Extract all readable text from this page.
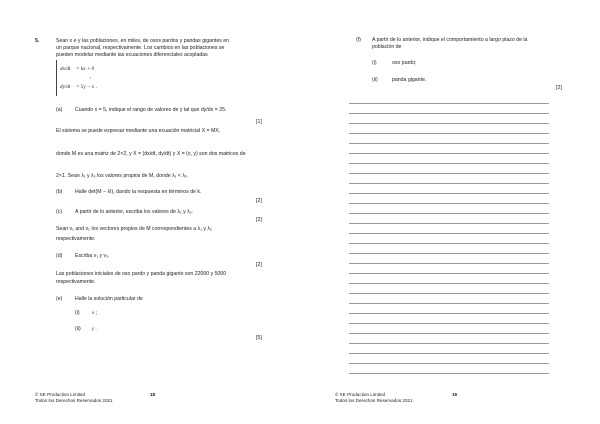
5.	Sean x e y las poblaciones, en miles, de osos pardos y pandas gigantes en
un parque nacional, respectivamente. Los cambios en las poblaciones se
pueden modelar mediante las ecuaciones diferenciales acopladas
dx/dt = kx + 0
,
dy/dt = 5y − x .
(a) Cuando x = 5, indique el rango de valores de y tal que dy/dx = 25.
[1]
El sistema se puede expresar mediante una ecuación matricial X = MX,
donde M es una matriz de 2×2, y Ẋ = (dx/dt, dy/dt) y X = (x, y) son dos matrices de
2×1. Sean λ₁ y λ₂ los valores propios de M, donde λ₁ < λ₂.
(b) Halle det(M − λI), dando la respuesta en términos de k.
[2]
(c) A partir de lo anterior, escriba los valores de λ₁ y λ₂.
[2]
Sean v₁ and v₂ los vectores propios de M correspondientes a λ₁ y λ₂
respectivamente.
(d) Escriba v₁ y v₂.
[2]
Las poblaciones iniciales de oso pardo y panda gigante son 22000 y 5000
respectivamente.
(e) Halle la solución particular de
(i) x ;
(ii) y .
[5]
© SE Production Limited
Todos los Derechos Reservados 2021
18
(f) A partir de lo anterior, indique el comportamiento a largo plazo de la
población de
(i)	oso pardo;
(ii)	panda gigante.
[2]
© SE Production Limited
Todos los Derechos Reservados 2021
19
